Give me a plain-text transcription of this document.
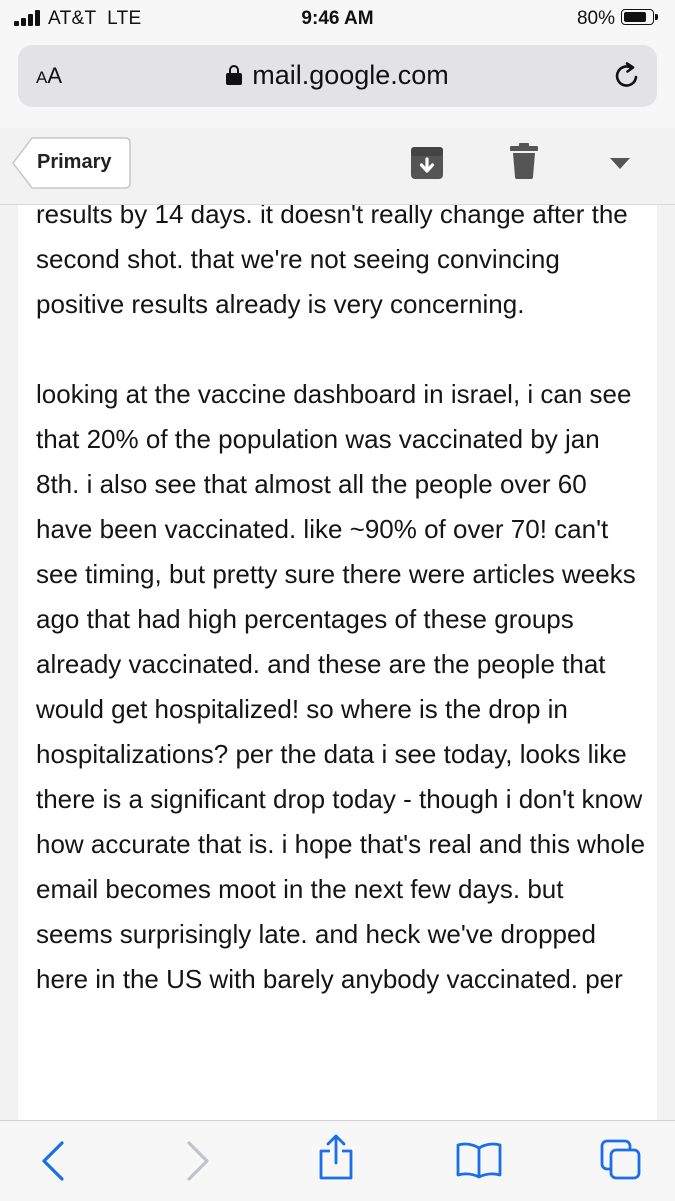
AT&T  LTE	9:46 AM	80%
AA	mail.google.com
Primary

results by 14 days. it doesn't really change after the second shot. that we're not seeing convincing positive results already is very concerning.

looking at the vaccine dashboard in israel, i can see that 20% of the population was vaccinated by jan 8th. i also see that almost all the people over 60 have been vaccinated. like ~90% of over 70! can't see timing, but pretty sure there were articles weeks ago that had high percentages of these groups already vaccinated. and these are the people that would get hospitalized! so where is the drop in hospitalizations? per the data i see today, looks like there is a significant drop today - though i don't know how accurate that is. i hope that's real and this whole email becomes moot in the next few days. but seems surprisingly late. and heck we've dropped here in the US with barely anybody vaccinated. per
